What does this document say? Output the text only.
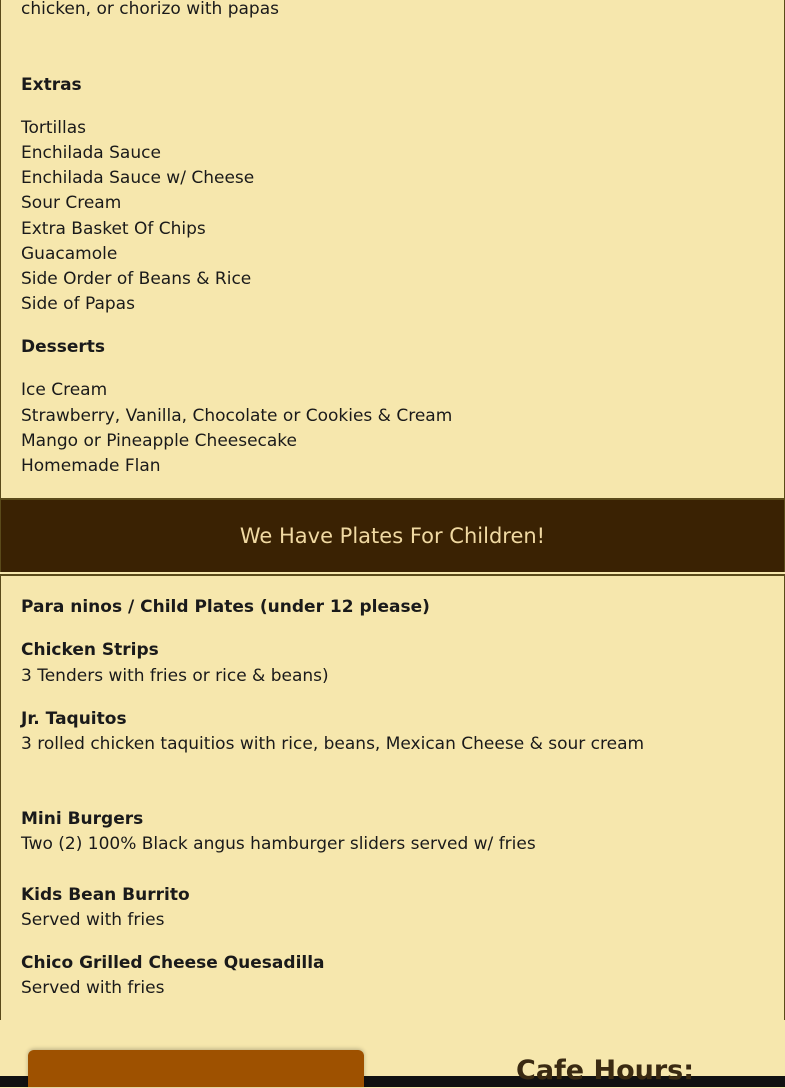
chicken, or chorizo with papas

Extras

Tortillas

Enchilada Sauce

Enchilada Sauce w/ Cheese

Sour Cream

Extra Basket Of Chips

Guacamole

Side Order of Beans & Rice

Side of Papas

Desserts

Ice Cream

Strawberry, Vanilla, Chocolate or Cookies & Cream

Mango or Pineapple Cheesecake

Homemade Flan

We Have Plates For Children!

Para ninos / Child Plates (under 12 please)

Chicken Strips

3 Tenders with fries or rice & beans)

Jr. Taquitos

3 rolled chicken taquitios with rice, beans, Mexican Cheese & sour cream

Mini Burgers

Two (2) 100% Black angus hamburger sliders served w/ fries

Kids Bean Burrito

Served with fries

Chico Grilled Cheese Quesadilla

Served with fries

Cafe Hours:
